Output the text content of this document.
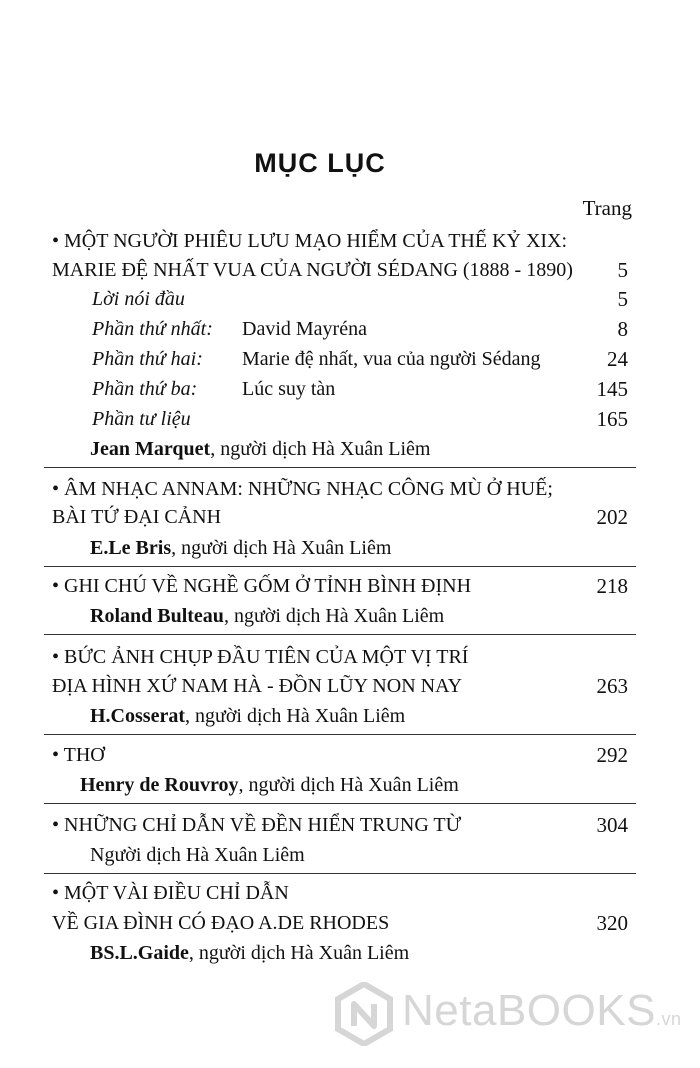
MỤC LỤC
Trang
• MỘT NGƯỜI PHIÊU LƯU MẠO HIỂM CỦA THẾ KỶ XIX:
MARIE ĐỆ NHẤT VUA CỦA NGƯỜI SÉDANG (1888 - 1890) 5
Lời nói đầu	5
Phần thứ nhất: David Mayréna	8
Phần thứ hai: Marie đệ nhất, vua của người Sédang	24
Phần thứ ba: Lúc suy tàn	145
Phần tư liệu	165
Jean Marquet, người dịch Hà Xuân Liêm
• ÂM NHẠC ANNAM: NHỮNG NHẠC CÔNG MÙ Ở HUẾ;
BÀI TỨ ĐẠI CẢNH	202
E.Le Bris, người dịch Hà Xuân Liêm
• GHI CHÚ VỀ NGHỀ GỐM Ở TỈNH BÌNH ĐỊNH	218
Roland Bulteau, người dịch Hà Xuân Liêm
• BỨC ẢNH CHỤP ĐẦU TIÊN CỦA MỘT VỊ TRÍ
ĐỊA HÌNH XỨ NAM HÀ - ĐỒN LŨY NON NAY	263
H.Cosserat, người dịch Hà Xuân Liêm
• THƠ	292
Henry de Rouvroy, người dịch Hà Xuân Liêm
• NHỮNG CHỈ DẪN VỀ ĐỀN HIỂN TRUNG TỪ	304
Người dịch Hà Xuân Liêm
• MỘT VÀI ĐIỀU CHỈ DẪN
VỀ GIA ĐÌNH CÓ ĐẠO A.DE RHODES	320
BS.L.Gaide, người dịch Hà Xuân Liêm
NetaBOOKS.vn
